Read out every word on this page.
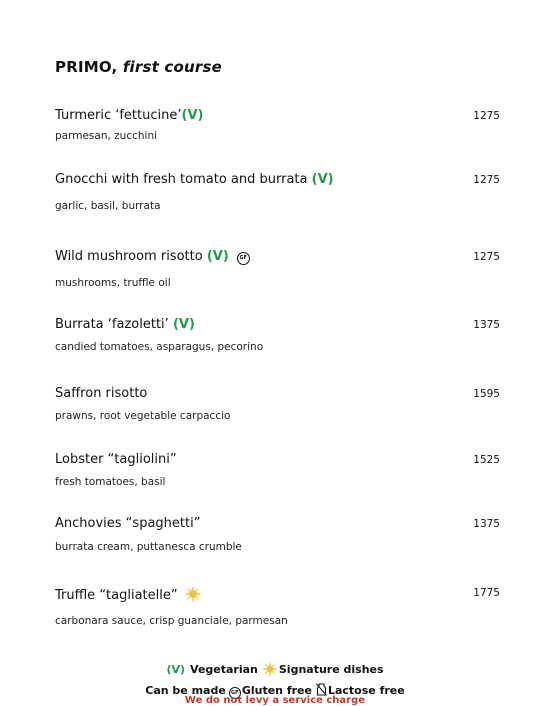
PRIMO, first course
Turmeric ‘fettucine’(V)
parmesan, zucchini
1275
Gnocchi with fresh tomato and burrata (V)
garlic, basil, burrata
1275
Wild mushroom risotto (V) GF
mushrooms, truffle oil
1275
Burrata ‘fazoletti’ (V)
candied tomatoes, asparagus, pecorino
1375
Saffron risotto
prawns, root vegetable carpaccio
1595
Lobster “tagliolini”
fresh tomatoes, basil
1525
Anchovies “spaghetti”
burrata cream, puttanesca crumble
1375
Truffle “tagliatelle”
carbonara sauce, crisp guanciale, parmesan
1775
(V) Vegetarian Signature dishes
Can be made GF Gluten free Lactose free
We do not levy a service charge
